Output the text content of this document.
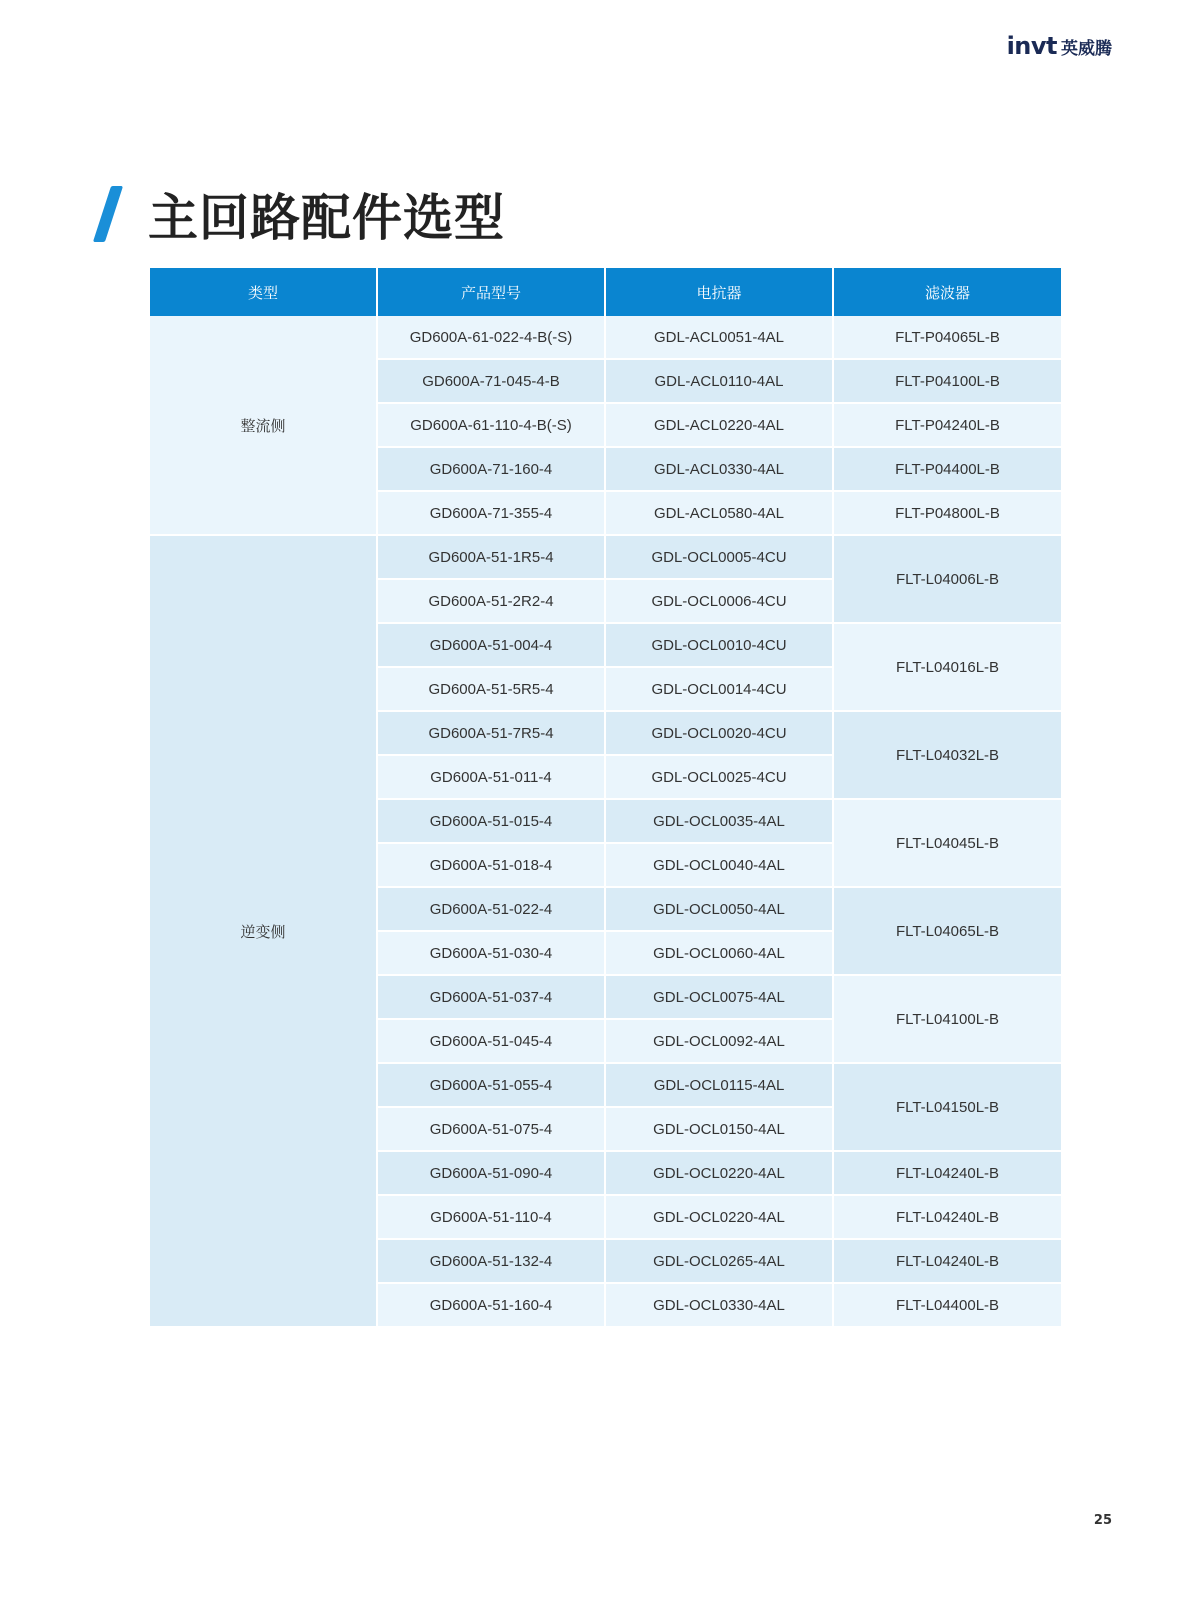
invt 英威腾
主回路配件选型
类型	产品型号	电抗器	滤波器
整流侧	GD600A-61-022-4-B(-S)	GDL-ACL0051-4AL	FLT-P04065L-B
	GD600A-71-045-4-B	GDL-ACL0110-4AL	FLT-P04100L-B
	GD600A-61-110-4-B(-S)	GDL-ACL0220-4AL	FLT-P04240L-B
	GD600A-71-160-4	GDL-ACL0330-4AL	FLT-P04400L-B
	GD600A-71-355-4	GDL-ACL0580-4AL	FLT-P04800L-B
逆变侧	GD600A-51-1R5-4	GDL-OCL0005-4CU	FLT-L04006L-B
	GD600A-51-2R2-4	GDL-OCL0006-4CU	
	GD600A-51-004-4	GDL-OCL0010-4CU	FLT-L04016L-B
	GD600A-51-5R5-4	GDL-OCL0014-4CU	
	GD600A-51-7R5-4	GDL-OCL0020-4CU	FLT-L04032L-B
	GD600A-51-011-4	GDL-OCL0025-4CU	
	GD600A-51-015-4	GDL-OCL0035-4AL	FLT-L04045L-B
	GD600A-51-018-4	GDL-OCL0040-4AL	
	GD600A-51-022-4	GDL-OCL0050-4AL	FLT-L04065L-B
	GD600A-51-030-4	GDL-OCL0060-4AL	
	GD600A-51-037-4	GDL-OCL0075-4AL	FLT-L04100L-B
	GD600A-51-045-4	GDL-OCL0092-4AL	
	GD600A-51-055-4	GDL-OCL0115-4AL	FLT-L04150L-B
	GD600A-51-075-4	GDL-OCL0150-4AL	
	GD600A-51-090-4	GDL-OCL0220-4AL	FLT-L04240L-B
	GD600A-51-110-4	GDL-OCL0220-4AL	FLT-L04240L-B
	GD600A-51-132-4	GDL-OCL0265-4AL	FLT-L04240L-B
	GD600A-51-160-4	GDL-OCL0330-4AL	FLT-L04400L-B
25
